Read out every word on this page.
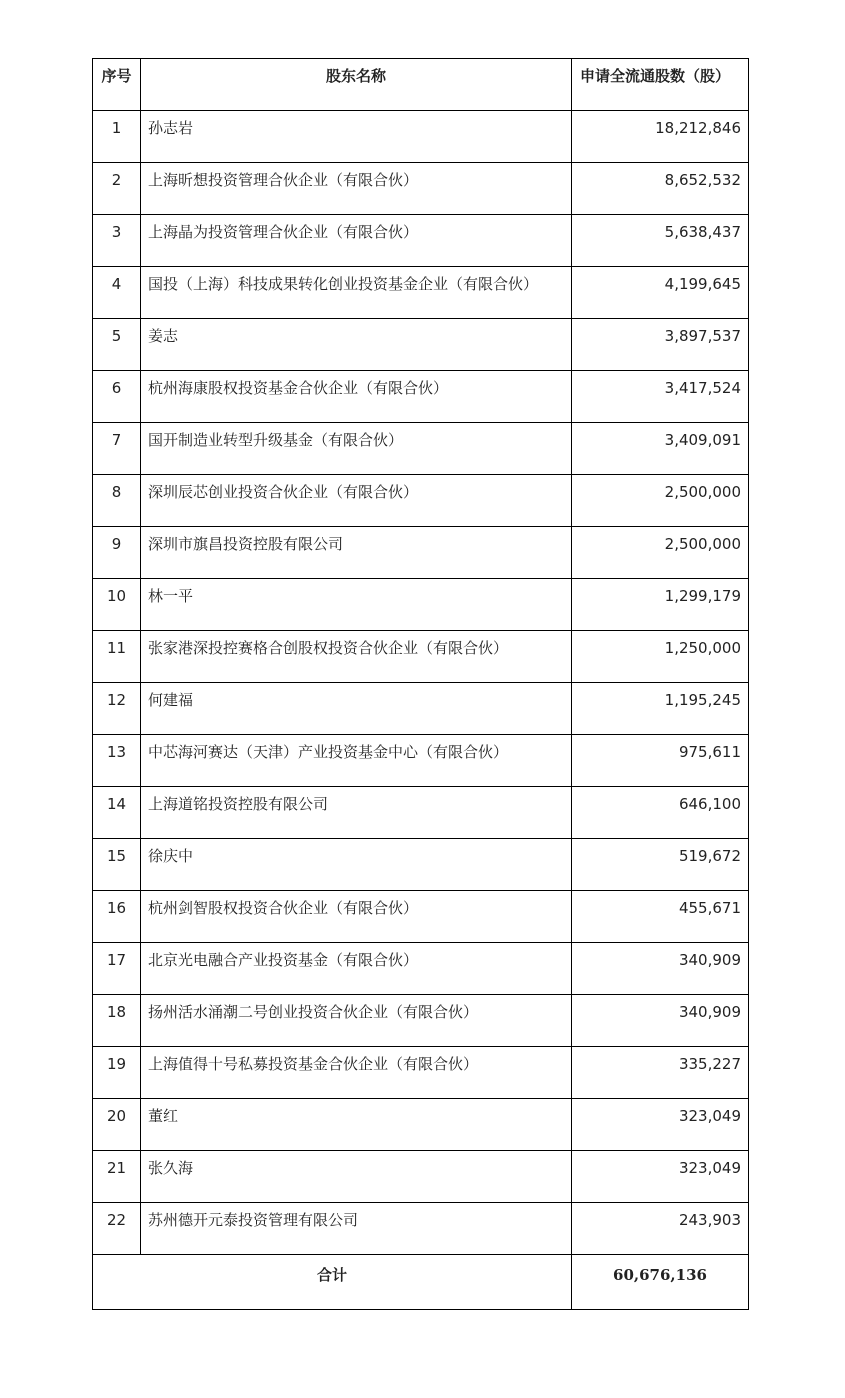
序号	股东名称	申请全流通股数（股）
1	孙志岩	18,212,846
2	上海昕想投资管理合伙企业（有限合伙）	8,652,532
3	上海晶为投资管理合伙企业（有限合伙）	5,638,437
4	国投（上海）科技成果转化创业投资基金企业（有限合伙）	4,199,645
5	姜志	3,897,537
6	杭州海康股权投资基金合伙企业（有限合伙）	3,417,524
7	国开制造业转型升级基金（有限合伙）	3,409,091
8	深圳辰芯创业投资合伙企业（有限合伙）	2,500,000
9	深圳市旗昌投资控股有限公司	2,500,000
10	林一平	1,299,179
11	张家港深投控赛格合创股权投资合伙企业（有限合伙）	1,250,000
12	何建福	1,195,245
13	中芯海河赛达（天津）产业投资基金中心（有限合伙）	975,611
14	上海道铭投资控股有限公司	646,100
15	徐庆中	519,672
16	杭州剑智股权投资合伙企业（有限合伙）	455,671
17	北京光电融合产业投资基金（有限合伙）	340,909
18	扬州活水涌潮二号创业投资合伙企业（有限合伙）	340,909
19	上海值得十号私募投资基金合伙企业（有限合伙）	335,227
20	董红	323,049
21	张久海	323,049
22	苏州德开元泰投资管理有限公司	243,903
合计		60,676,136
